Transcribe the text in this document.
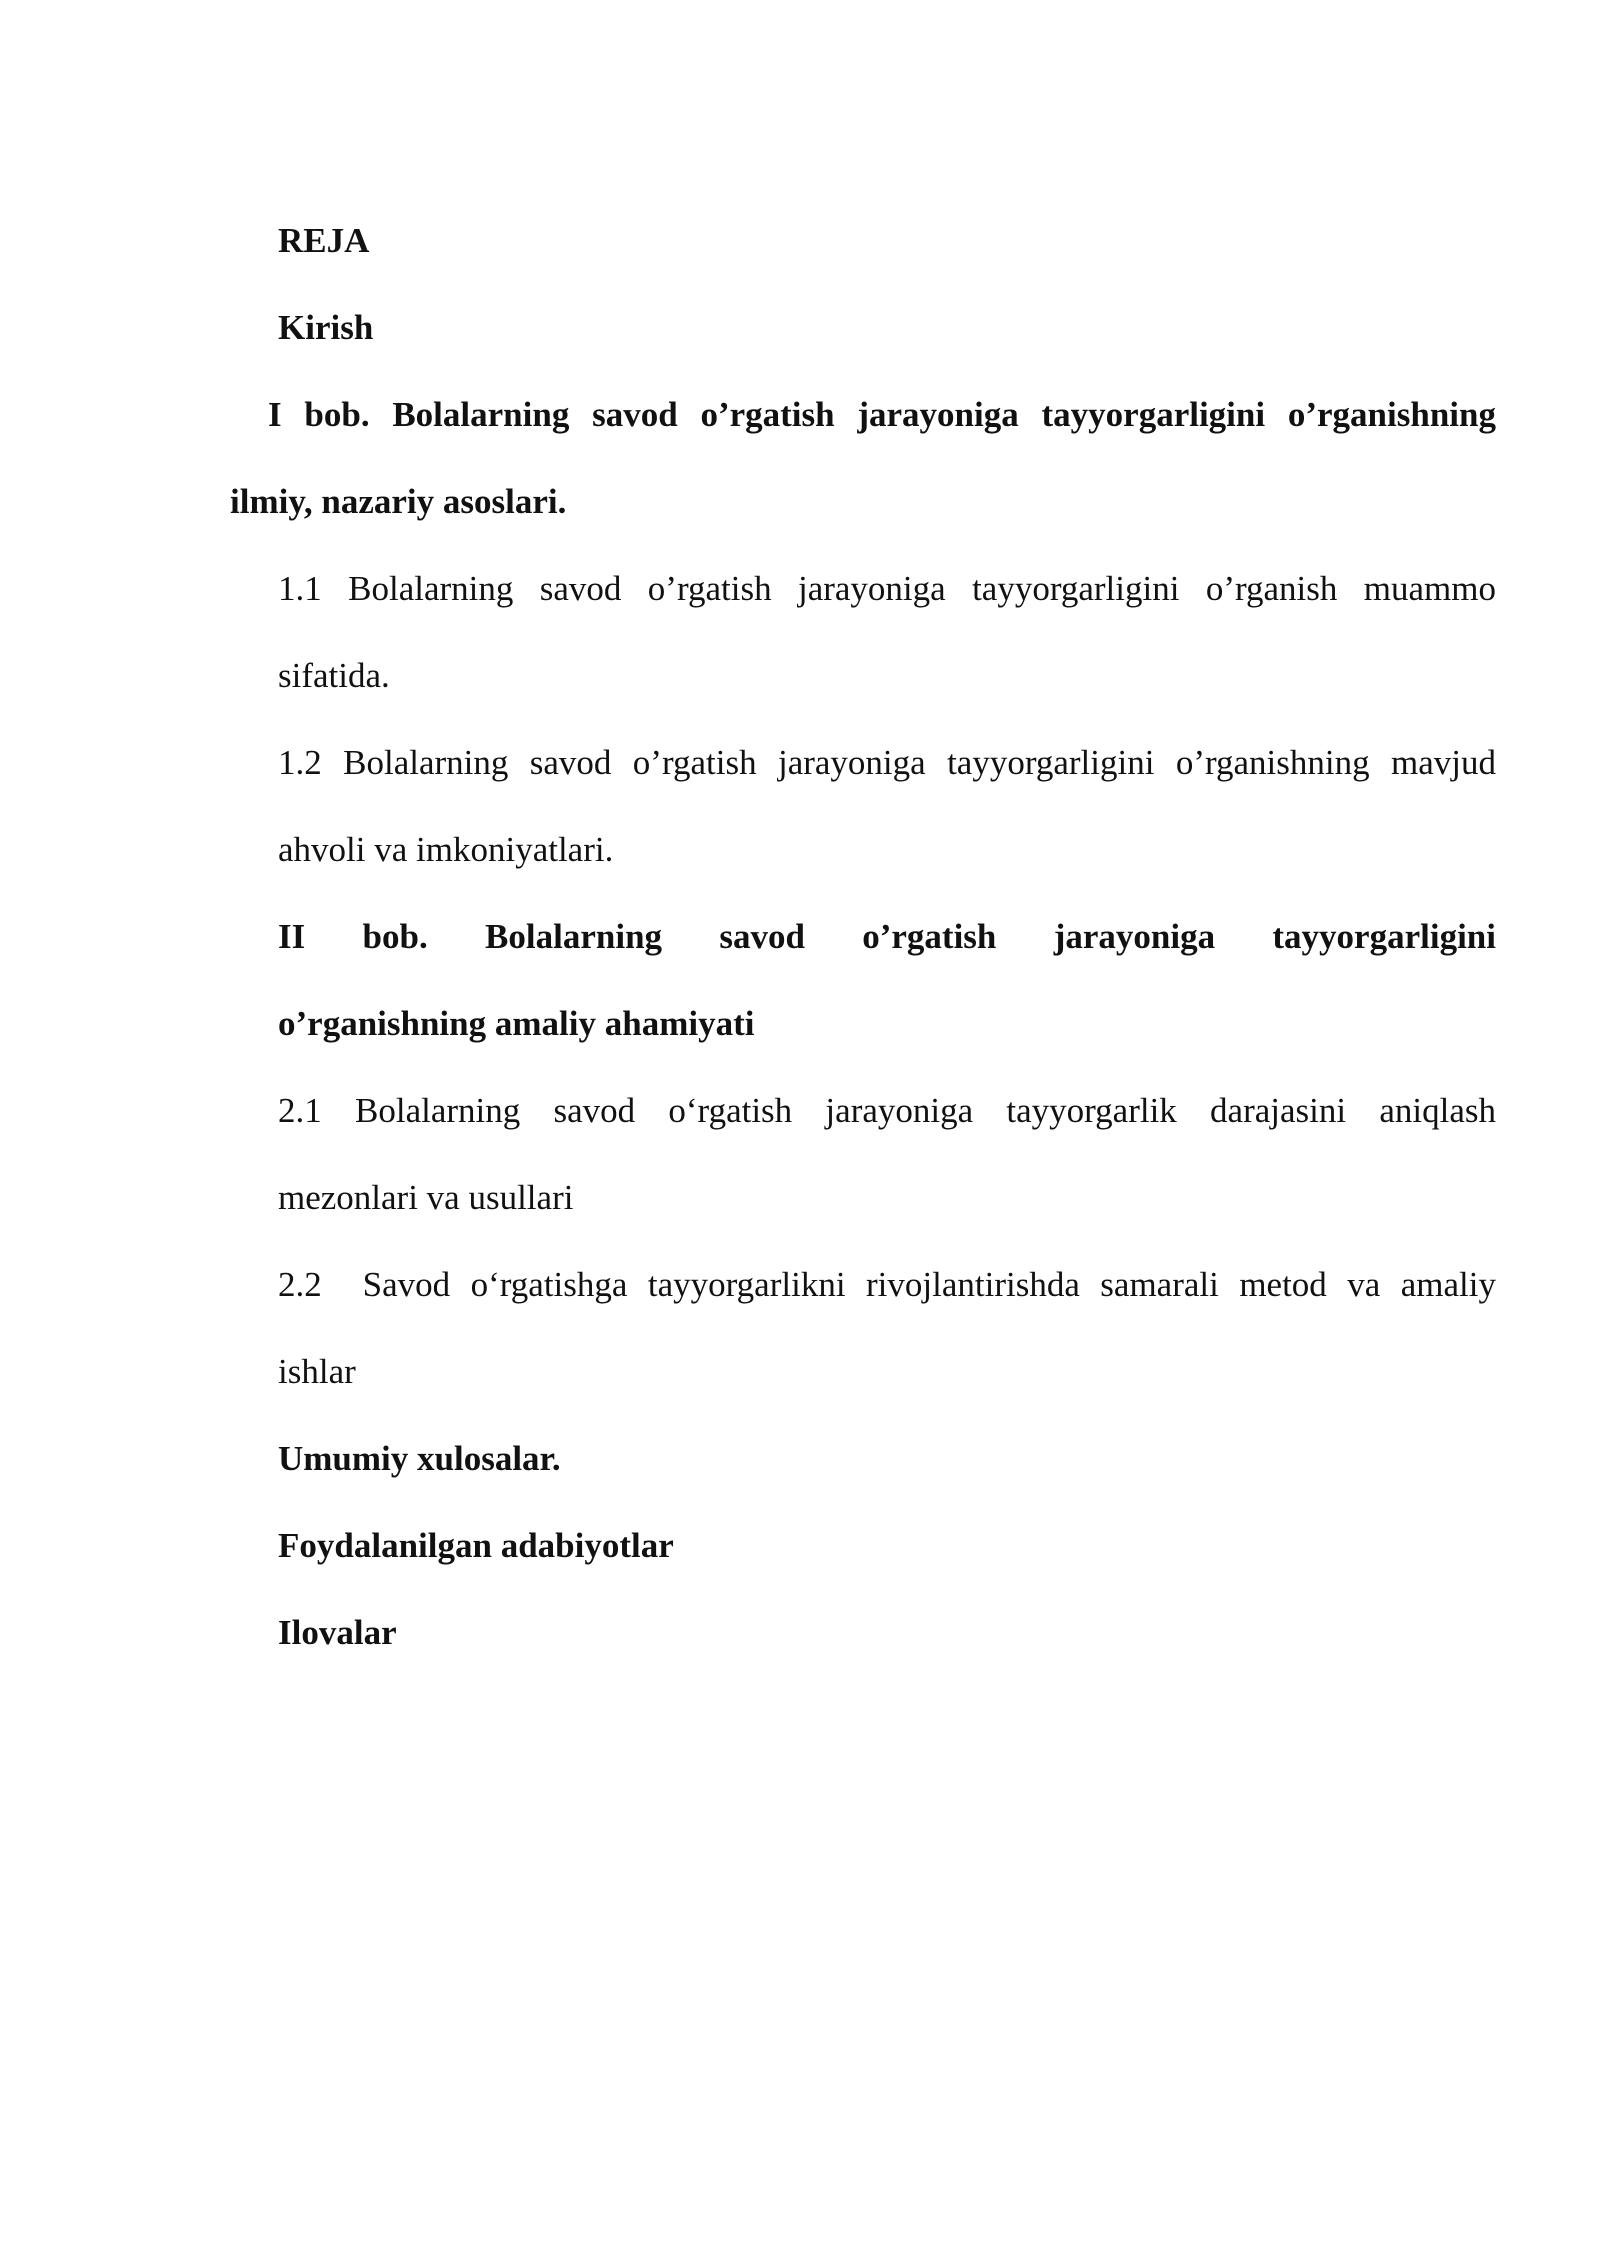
REJA
Kirish
I bob. Bolalarning savod o’rgatish jarayoniga tayyorgarligini o’rganishning
ilmiy, nazariy asoslari.
1.1 Bolalarning savod o’rgatish jarayoniga tayyorgarligini o’rganish muammo
sifatida.
1.2 Bolalarning savod o’rgatish jarayoniga tayyorgarligini o’rganishning mavjud
ahvoli va imkoniyatlari.
II bob. Bolalarning savod o’rgatish jarayoniga tayyorgarligini
o’rganishning amaliy ahamiyati
2.1 Bolalarning savod o‘rgatish jarayoniga tayyorgarlik darajasini aniqlash
mezonlari va usullari
2.2  Savod o‘rgatishga tayyorgarlikni rivojlantirishda samarali metod va amaliy
ishlar
Umumiy xulosalar.
Foydalanilgan adabiyotlar
Ilovalar
